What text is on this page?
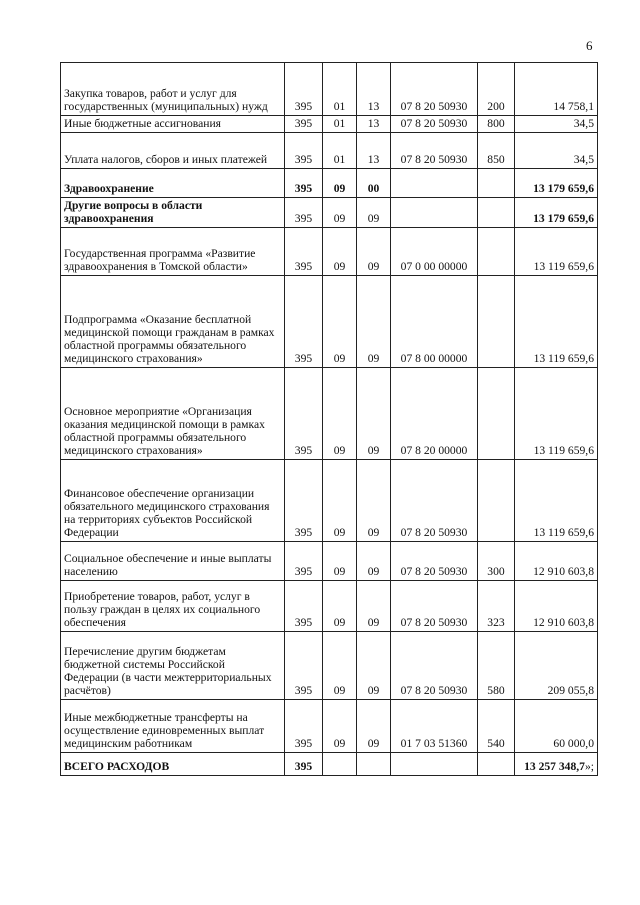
6
Закупка товаров, работ и услуг для государственных (муниципальных) нужд	395	01	13	07 8 20 50930	200	14 758,1
Иные бюджетные ассигнования	395	01	13	07 8 20 50930	800	34,5
Уплата налогов, сборов и иных платежей	395	01	13	07 8 20 50930	850	34,5
Здравоохранение	395	09	00			13 179 659,6
Другие вопросы в области здравоохранения	395	09	09			13 179 659,6
Государственная программа «Развитие здравоохранения в Томской области»	395	09	09	07 0 00 00000		13 119 659,6
Подпрограмма «Оказание бесплатной медицинской помощи гражданам в рамках областной программы обязательного медицинского страхования»	395	09	09	07 8 00 00000		13 119 659,6
Основное мероприятие «Организация оказания медицинской помощи в рамках областной программы обязательного медицинского страхования»	395	09	09	07 8 20 00000		13 119 659,6
Финансовое обеспечение организации обязательного медицинского страхования на территориях субъектов Российской Федерации	395	09	09	07 8 20 50930		13 119 659,6
Социальное обеспечение и иные выплаты населению	395	09	09	07 8 20 50930	300	12 910 603,8
Приобретение товаров, работ, услуг в пользу граждан в целях их социального обеспечения	395	09	09	07 8 20 50930	323	12 910 603,8
Перечисление другим бюджетам бюджетной системы Российской Федерации (в части межтерриториальных расчётов)	395	09	09	07 8 20 50930	580	209 055,8
Иные межбюджетные трансферты на осуществление единовременных выплат медицинским работникам	395	09	09	01 7 03 51360	540	60 000,0
ВСЕГО РАСХОДОВ	395					13 257 348,7»;
